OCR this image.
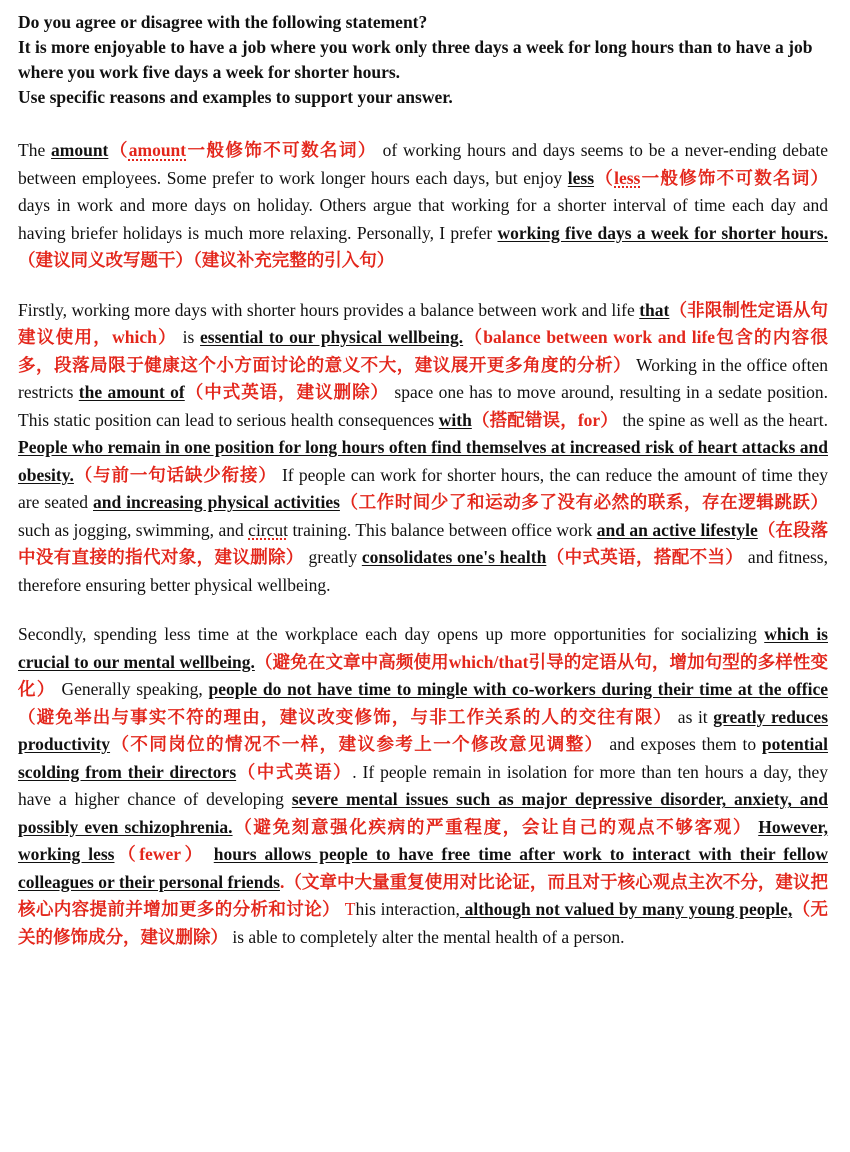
Do you agree or disagree with the following statement?

It is more enjoyable to have a job where you work only three days a week for long hours than to have a job where you work five days a week for shorter hours.

Use specific reasons and examples to support your answer.

The amount（amount一般修饰不可数名词） of working hours and days seems to be a never-ending debate between employees. Some prefer to work longer hours each days, but enjoy less（less一般修饰不可数名词） days in work and more days on holiday. Others argue that working for a shorter interval of time each day and having briefer holidays is much more relaxing. Personally, I prefer working five days a week for shorter hours.（建议同义改写题干）（建议补充完整的引入句）

Firstly, working more days with shorter hours provides a balance between work and life that（非限制性定语从句建议使用，which） is essential to our physical wellbeing.（balance between work and life包含的内容很多，段落局限于健康这个小方面讨论的意义不大，建议展开更多角度的分析） Working in the office often restricts the amount of（中式英语，建议删除） space one has to move around, resulting in a sedate position. This static position can lead to serious health consequences with（搭配错误，for） the spine as well as the heart. People who remain in one position for long hours often find themselves at increased risk of heart attacks and obesity.（与前一句话缺少衔接） If people can work for shorter hours, the can reduce the amount of time they are seated and increasing physical activities（工作时间少了和运动多了没有必然的联系，存在逻辑跳跃） such as jogging, swimming, and circut training. This balance between office work and an active lifestyle（在段落中没有直接的指代对象，建议删除） greatly consolidates one's health（中式英语，搭配不当） and fitness, therefore ensuring better physical wellbeing.

Secondly, spending less time at the workplace each day opens up more opportunities for socializing which is crucial to our mental wellbeing.（避免在文章中高频使用which/that引导的定语从句，增加句型的多样性变化） Generally speaking, people do not have time to mingle with co-workers during their time at the office（避免举出与事实不符的理由，建议改变修饰，与非工作关系的人的交往有限） as it greatly reduces productivity（不同岗位的情况不一样，建议参考上一个修改意见调整） and exposes them to potential scolding from their directors（中式英语）. If people remain in isolation for more than ten hours a day, they have a higher chance of developing severe mental issues such as major depressive disorder, anxiety, and possibly even schizophrenia.（避免刻意强化疾病的严重程度，会让自己的观点不够客观） However, working less（fewer） hours allows people to have free time after work to interact with their fellow colleagues or their personal friends.（文章中大量重复使用对比论证，而且对于核心观点主次不分，建议把核心内容提前并增加更多的分析和讨论） This interaction, although not valued by many young people,（无关的修饰成分，建议删除） is able to completely alter the mental health of a person.
